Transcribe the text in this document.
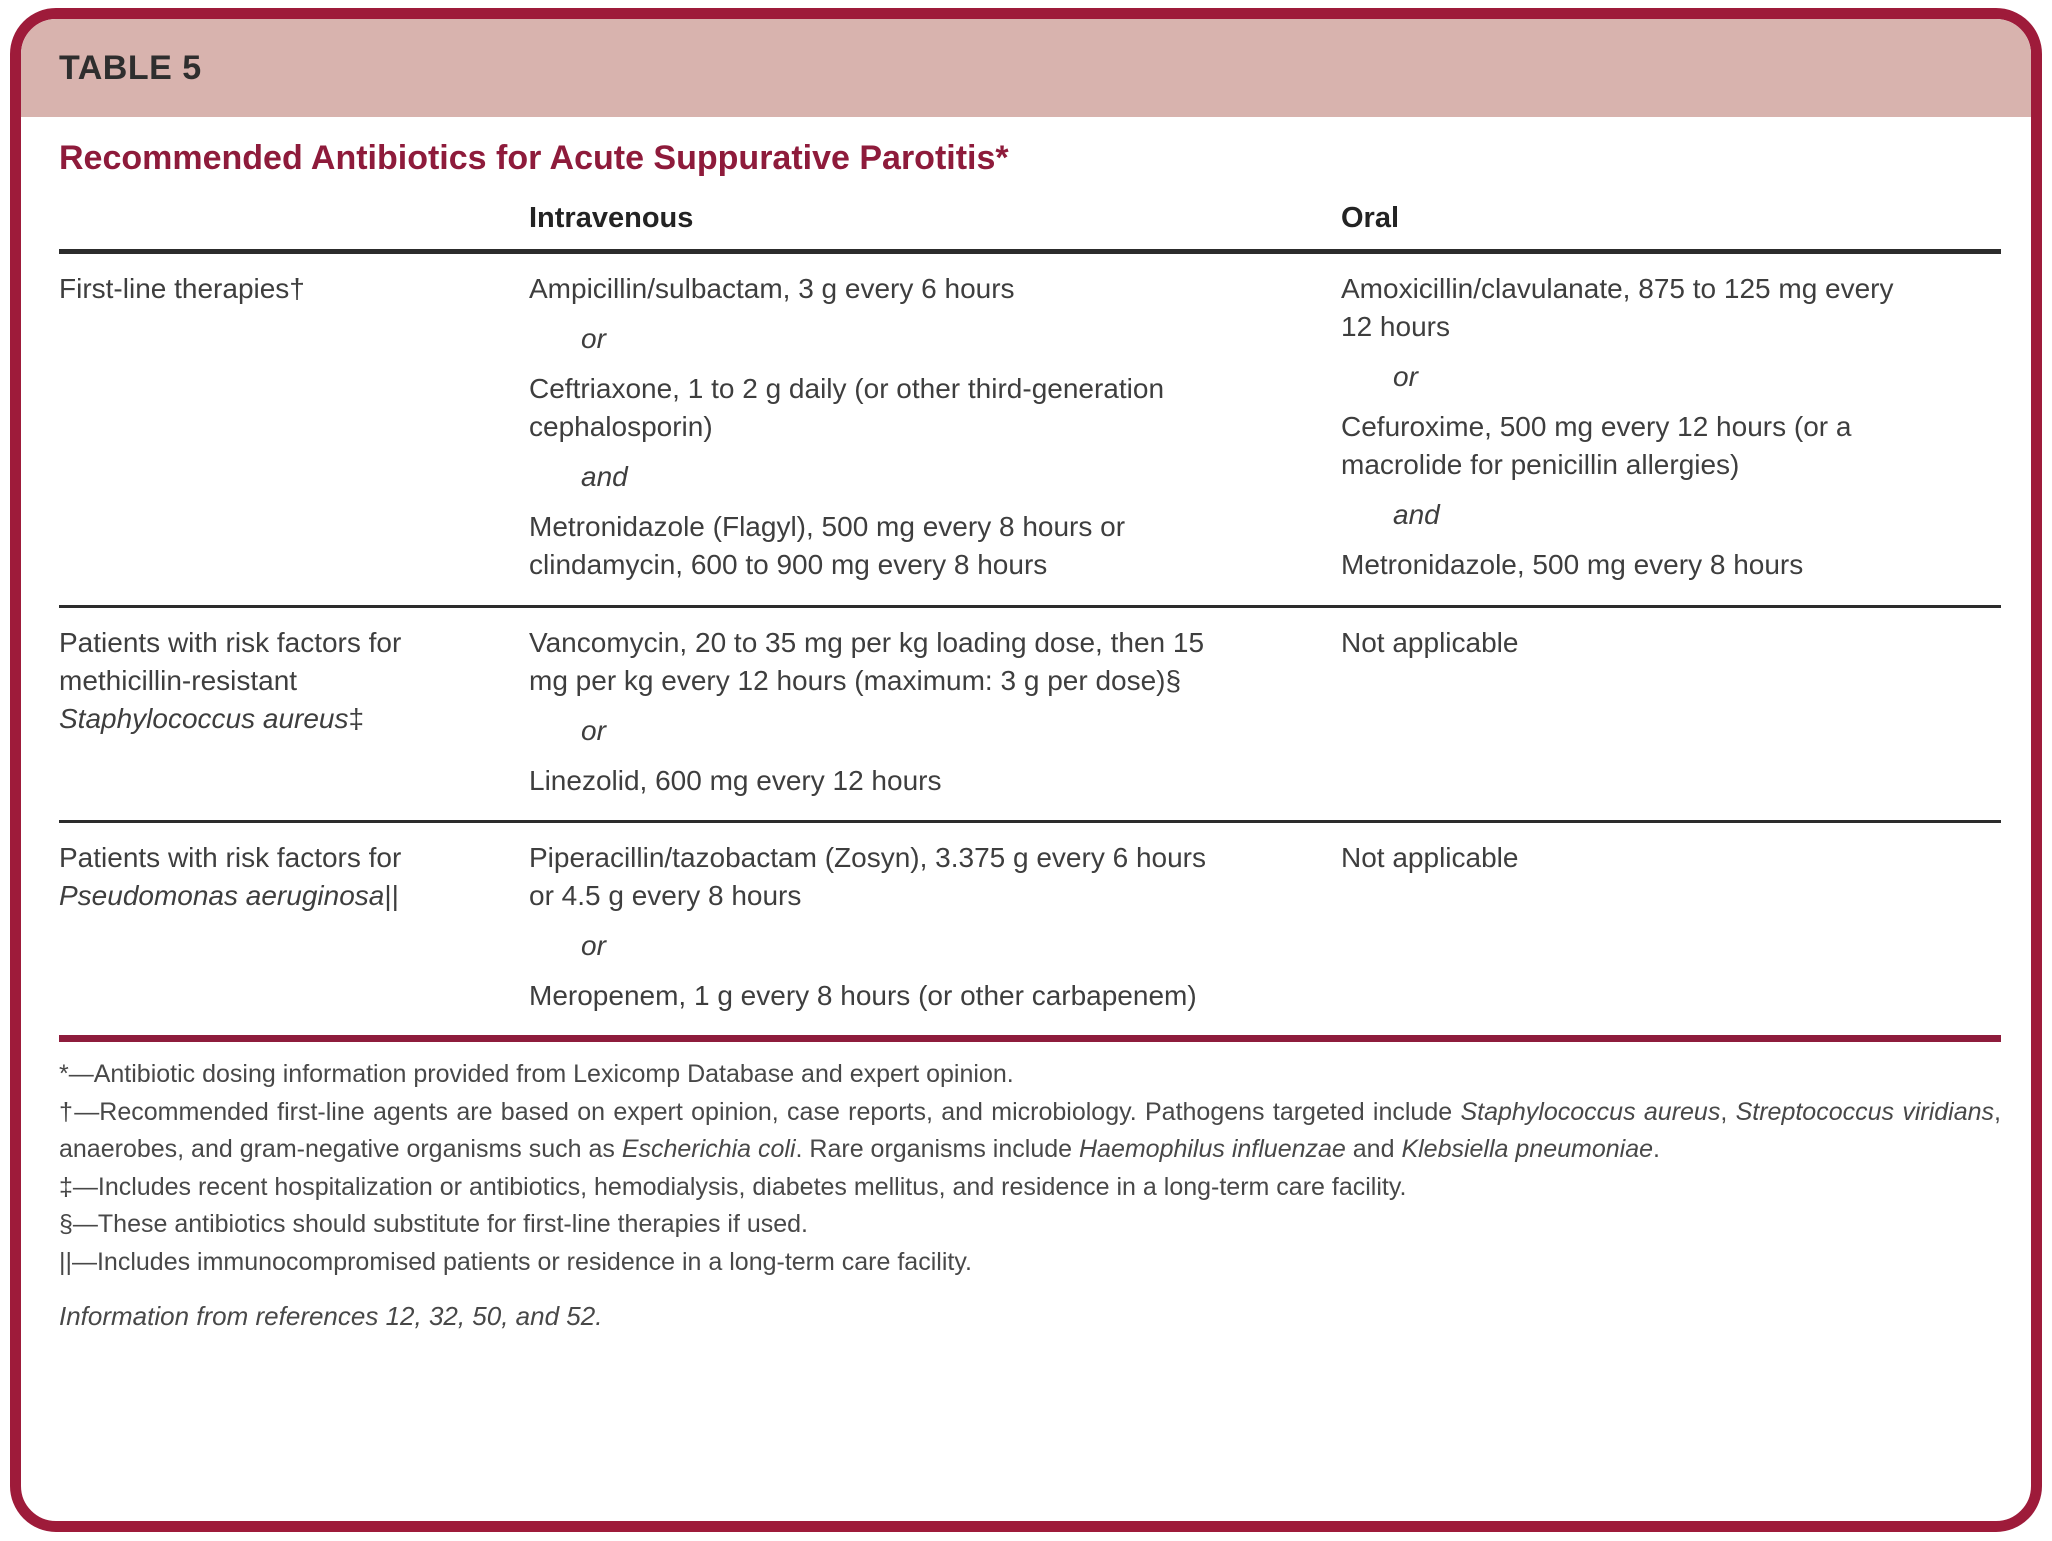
TABLE 5
Recommended Antibiotics for Acute Suppurative Parotitis*
Intravenous	Oral

First-line therapies†	Ampicillin/sulbactam, 3 g every 6 hours

or

Ceftriaxone, 1 to 2 g daily (or other third-generation cephalosporin)

and

Metronidazole (Flagyl), 500 mg every 8 hours or clindamycin, 600 to 900 mg every 8 hours

Amoxicillin/clavulanate, 875 to 125 mg every 12 hours

or

Cefuroxime, 500 mg every 12 hours (or a macrolide for penicillin allergies)

and

Metronidazole, 500 mg every 8 hours

Patients with risk factors for methicillin-resistant Staphylococcus aureus‡

Vancomycin, 20 to 35 mg per kg loading dose, then 15 mg per kg every 12 hours (maximum: 3 g per dose)§

or

Linezolid, 600 mg every 12 hours

Not applicable

Patients with risk factors for Pseudomonas aeruginosa||

Piperacillin/tazobactam (Zosyn), 3.375 g every 6 hours or 4.5 g every 8 hours

or

Meropenem, 1 g every 8 hours (or other carbapenem)

Not applicable

*—Antibiotic dosing information provided from Lexicomp Database and expert opinion.

†—Recommended first-line agents are based on expert opinion, case reports, and microbiology. Pathogens targeted include Staphylococcus aureus, Streptococcus viridians, anaerobes, and gram-negative organisms such as Escherichia coli. Rare organisms include Haemophilus influenzae and Klebsiella pneumoniae.

‡—Includes recent hospitalization or antibiotics, hemodialysis, diabetes mellitus, and residence in a long-term care facility.

§—These antibiotics should substitute for first-line therapies if used.

||—Includes immunocompromised patients or residence in a long-term care facility.

Information from references 12, 32, 50, and 52.
